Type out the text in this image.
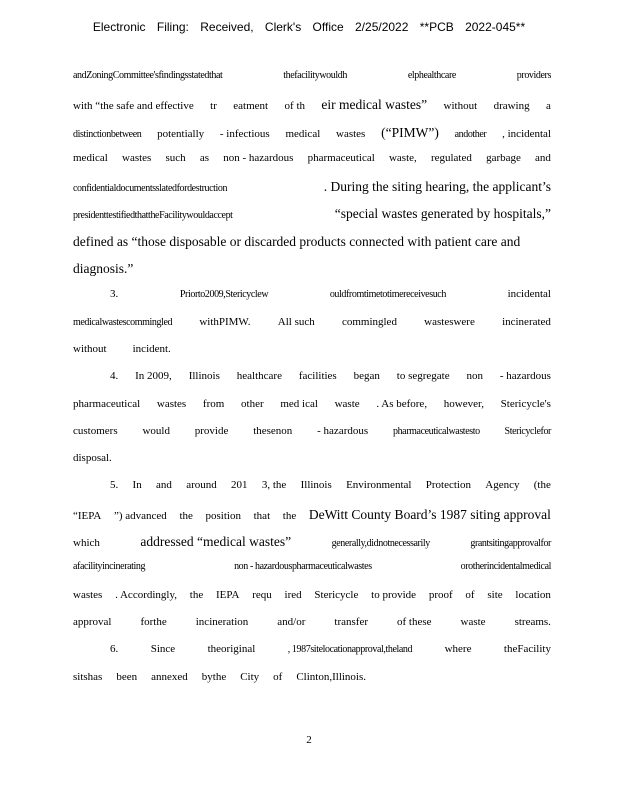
Electronic Filing: Received, Clerk's Office 2/25/2022 **PCB 2022-045**
andZoningCommittee'sfindingsstatedthat	thefacilitywouldh	elphealthcare	providers
with “the safe and effective tr eatment of th eir medical wastes” without drawing a
distinctionbetween potentially - infectious medical wastes (“PIMW”) andother , incidental
medical wastes such as non - hazardous pharmaceutical waste, regulated garbage and
confidentialdocumentsslatedfordestruction	. During the siting hearing, the applicant’s
presidenttestifiedthattheFacilitywouldaccept	“special wastes generated by hospitals,”
defined as “those disposable or discarded products connected with patient care and
diagnosis.”
3.	Priorto2009,Stericyclew	ouldfromtimetotimereceivesuch	incidental
medicalwastescommingled withPIMW. All such commingled wasteswere incinerated
without incident.
4. In 2009, Illinois healthcare facilities began to segregate non - hazardous
pharmaceutical wastes from other med ical waste . As before, however, Stericycle's
customers would provide thesenon - hazardous pharmaceuticalwastesto Stericyclefor
disposal.
5. In and around 201 3, the Illinois Environmental Protection Agency (the
“IEPA ”) advanced the position that the DeWitt County Board’s 1987 siting approval
which	addressed “medical wastes”	generally,didnotnecessarily	grantsitingapprovalfor
afacilityincinerating	non - hazardouspharmaceuticalwastes	orotherincidentalmedical
wastes . Accordingly, the IEPA requ ired Stericycle to provide proof of site location
approval	forthe	incineration	and/or	transfer	of these	waste	streams.
6.	Since	theoriginal	, 1987sitelocationapproval,theland	where	theFacility
sitshas been annexed bythe City of Clinton,Illinois.
2
